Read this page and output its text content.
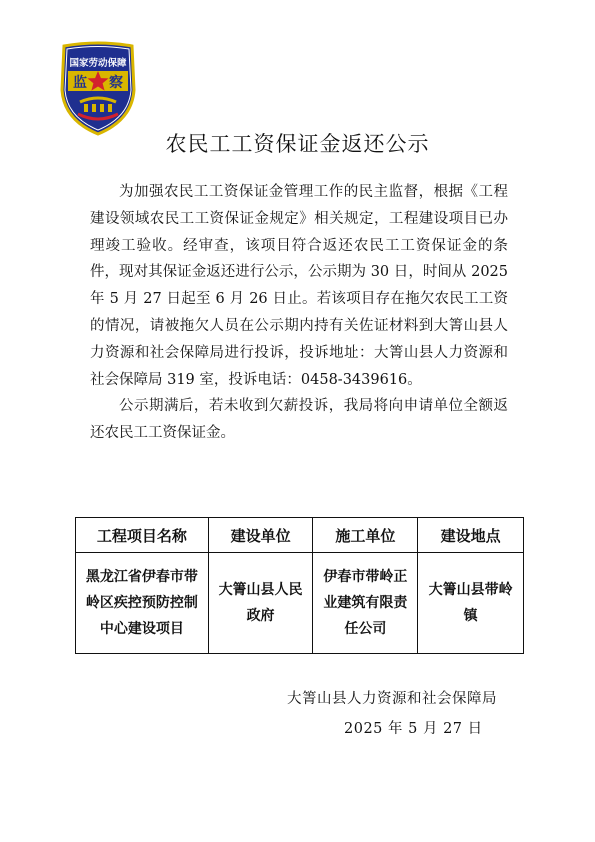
国家劳动保障
监 察
农民工工资保证金返还公示

为加强农民工工资保证金管理工作的民主监督，根据《工程建设领域农民工工资保证金规定》相关规定，工程建设项目已办理竣工验收。经审查，该项目符合返还农民工工资保证金的条件，现对其保证金返还进行公示，公示期为 30 日，时间从 2025 年 5 月 27 日起至 6 月 26 日止。若该项目存在拖欠农民工工资的情况，请被拖欠人员在公示期内持有关佐证材料到大箐山县人力资源和社会保障局进行投诉，投诉地址：大箐山县人力资源和社会保障局 319 室，投诉电话：0458-3439616。

公示期满后，若未收到欠薪投诉，我局将向申请单位全额返还农民工工资保证金。

工程项目名称	建设单位	施工单位	建设地点
黑龙江省伊春市带岭区疾控预防控制中心建设项目	大箐山县人民政府	伊春市带岭正业建筑有限责任公司	大箐山县带岭镇
大箐山县人力资源和社会保障局
2025 年 5 月 27 日
